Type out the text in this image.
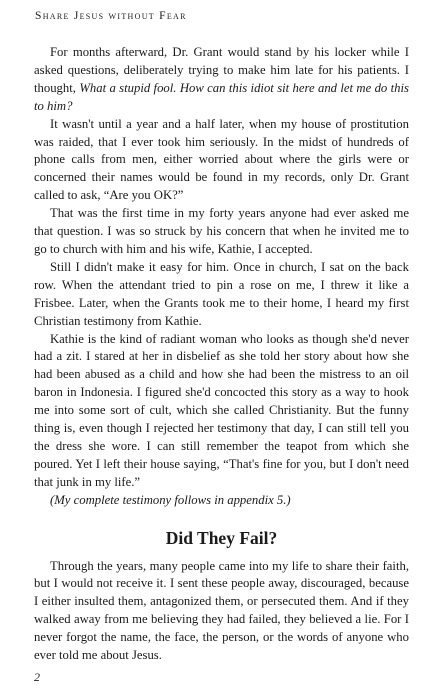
Share Jesus without Fear

For months afterward, Dr. Grant would stand by his locker while I asked questions, deliberately trying to make him late for his patients. I thought, What a stupid fool. How can this idiot sit here and let me do this to him?

It wasn't until a year and a half later, when my house of prostitution was raided, that I ever took him seriously. In the midst of hundreds of phone calls from men, either worried about where the girls were or concerned their names would be found in my records, only Dr. Grant called to ask, “Are you OK?”

That was the first time in my forty years anyone had ever asked me that question. I was so struck by his concern that when he invited me to go to church with him and his wife, Kathie, I accepted.

Still I didn't make it easy for him. Once in church, I sat on the back row. When the attendant tried to pin a rose on me, I threw it like a Frisbee. Later, when the Grants took me to their home, I heard my first Christian testimony from Kathie.

Kathie is the kind of radiant woman who looks as though she'd never had a zit. I stared at her in disbelief as she told her story about how she had been abused as a child and how she had been the mistress to an oil baron in Indonesia. I figured she'd concocted this story as a way to hook me into some sort of cult, which she called Christianity. But the funny thing is, even though I rejected her testimony that day, I can still tell you the dress she wore. I can still remember the teapot from which she poured. Yet I left their house saying, “That's fine for you, but I don't need that junk in my life.”

(My complete testimony follows in appendix 5.)

Did They Fail?

Through the years, many people came into my life to share their faith, but I would not receive it. I sent these people away, discouraged, because I either insulted them, antagonized them, or persecuted them. And if they walked away from me believing they had failed, they believed a lie. For I never forgot the name, the face, the person, or the words of anyone who ever told me about Jesus.

2
